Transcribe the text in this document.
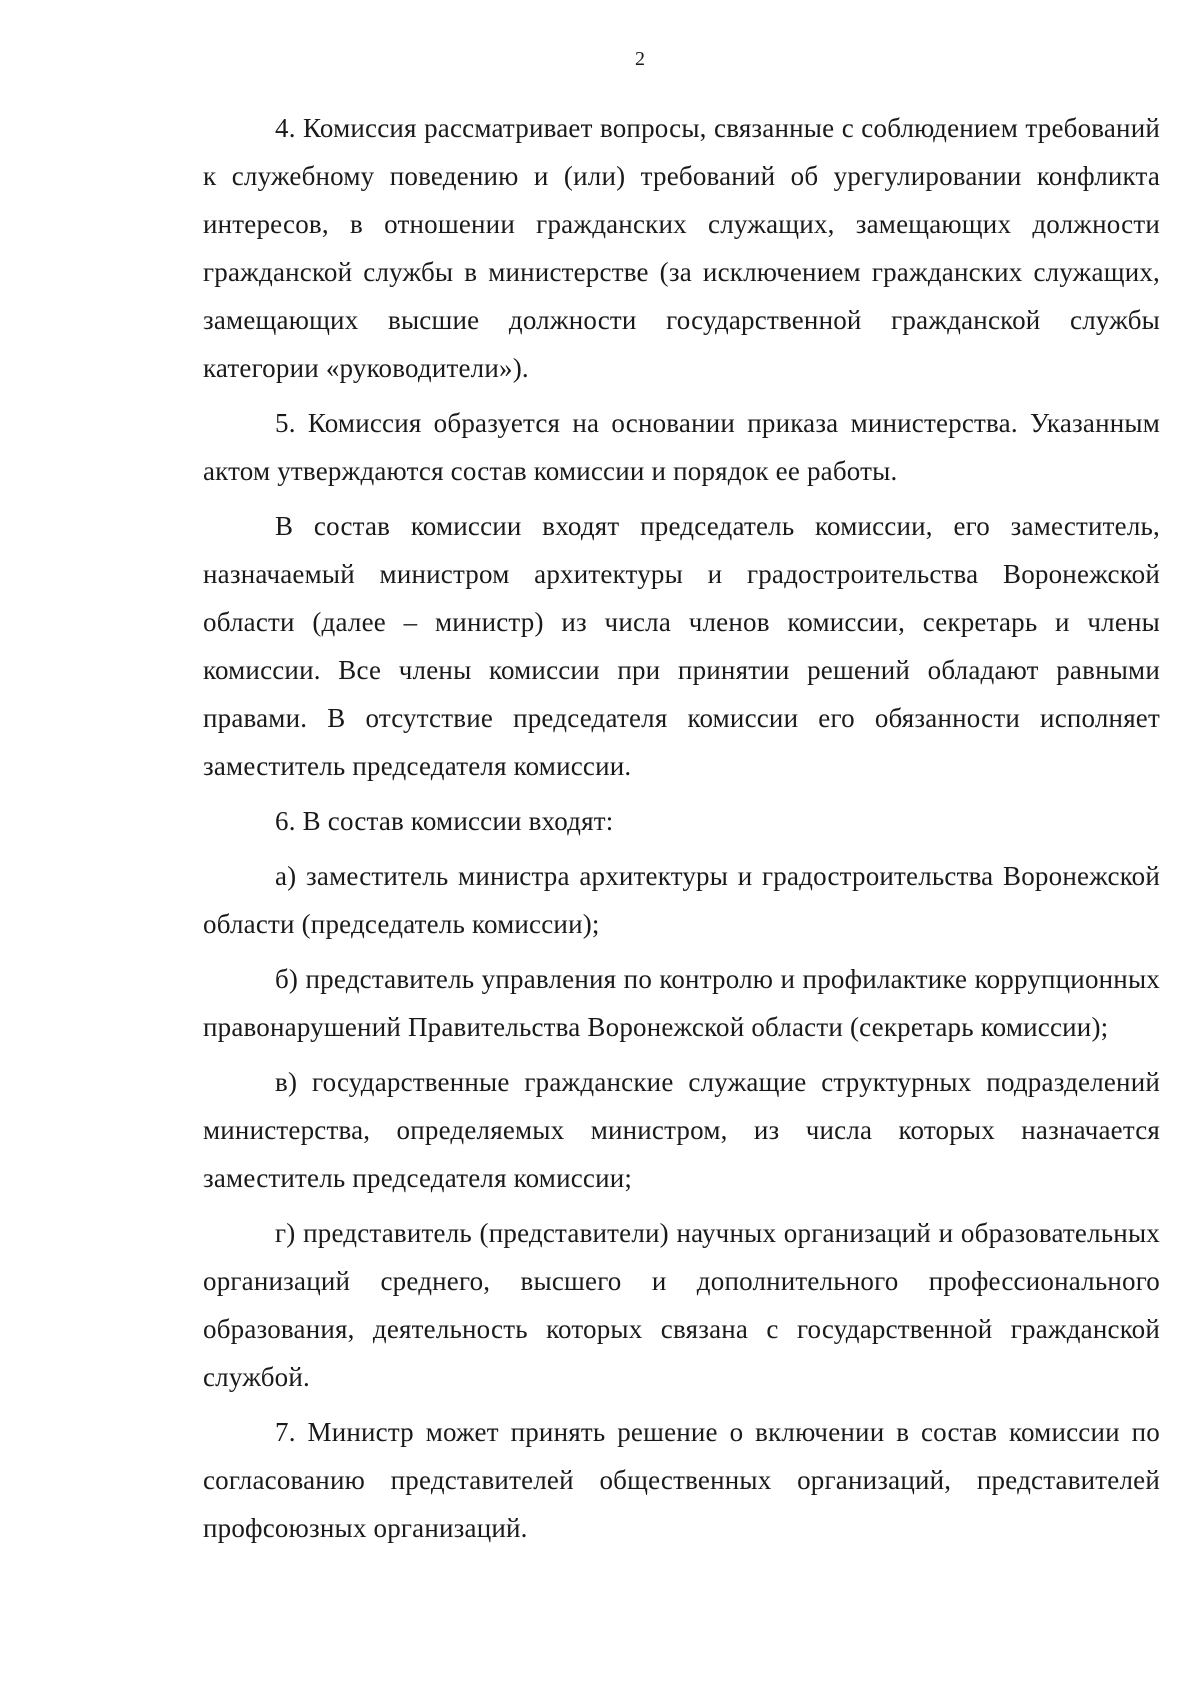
2

4. Комиссия рассматривает вопросы, связанные с соблюдением требований к служебному поведению и (или) требований об урегулировании конфликта интересов, в отношении гражданских служащих, замещающих должности гражданской службы в министерстве (за исключением гражданских служащих, замещающих высшие должности государственной гражданской службы категории «руководители»).

5. Комиссия образуется на основании приказа министерства. Указанным актом утверждаются состав комиссии и порядок ее работы.

В состав комиссии входят председатель комиссии, его заместитель, назначаемый министром архитектуры и градостроительства Воронежской области (далее – министр) из числа членов комиссии, секретарь и члены комиссии. Все члены комиссии при принятии решений обладают равными правами. В отсутствие председателя комиссии его обязанности исполняет заместитель председателя комиссии.

6. В состав комиссии входят:

а) заместитель министра архитектуры и градостроительства Воронежской области (председатель комиссии);

б) представитель управления по контролю и профилактике коррупционных правонарушений Правительства Воронежской области (секретарь комиссии);

в) государственные гражданские служащие структурных подразделений министерства, определяемых министром, из числа которых назначается заместитель председателя комиссии;

г) представитель (представители) научных организаций и образовательных организаций среднего, высшего и дополнительного профессионального образования, деятельность которых связана с государственной гражданской службой.

7. Министр может принять решение о включении в состав комиссии по согласованию представителей общественных организаций, представителей профсоюзных организаций.
